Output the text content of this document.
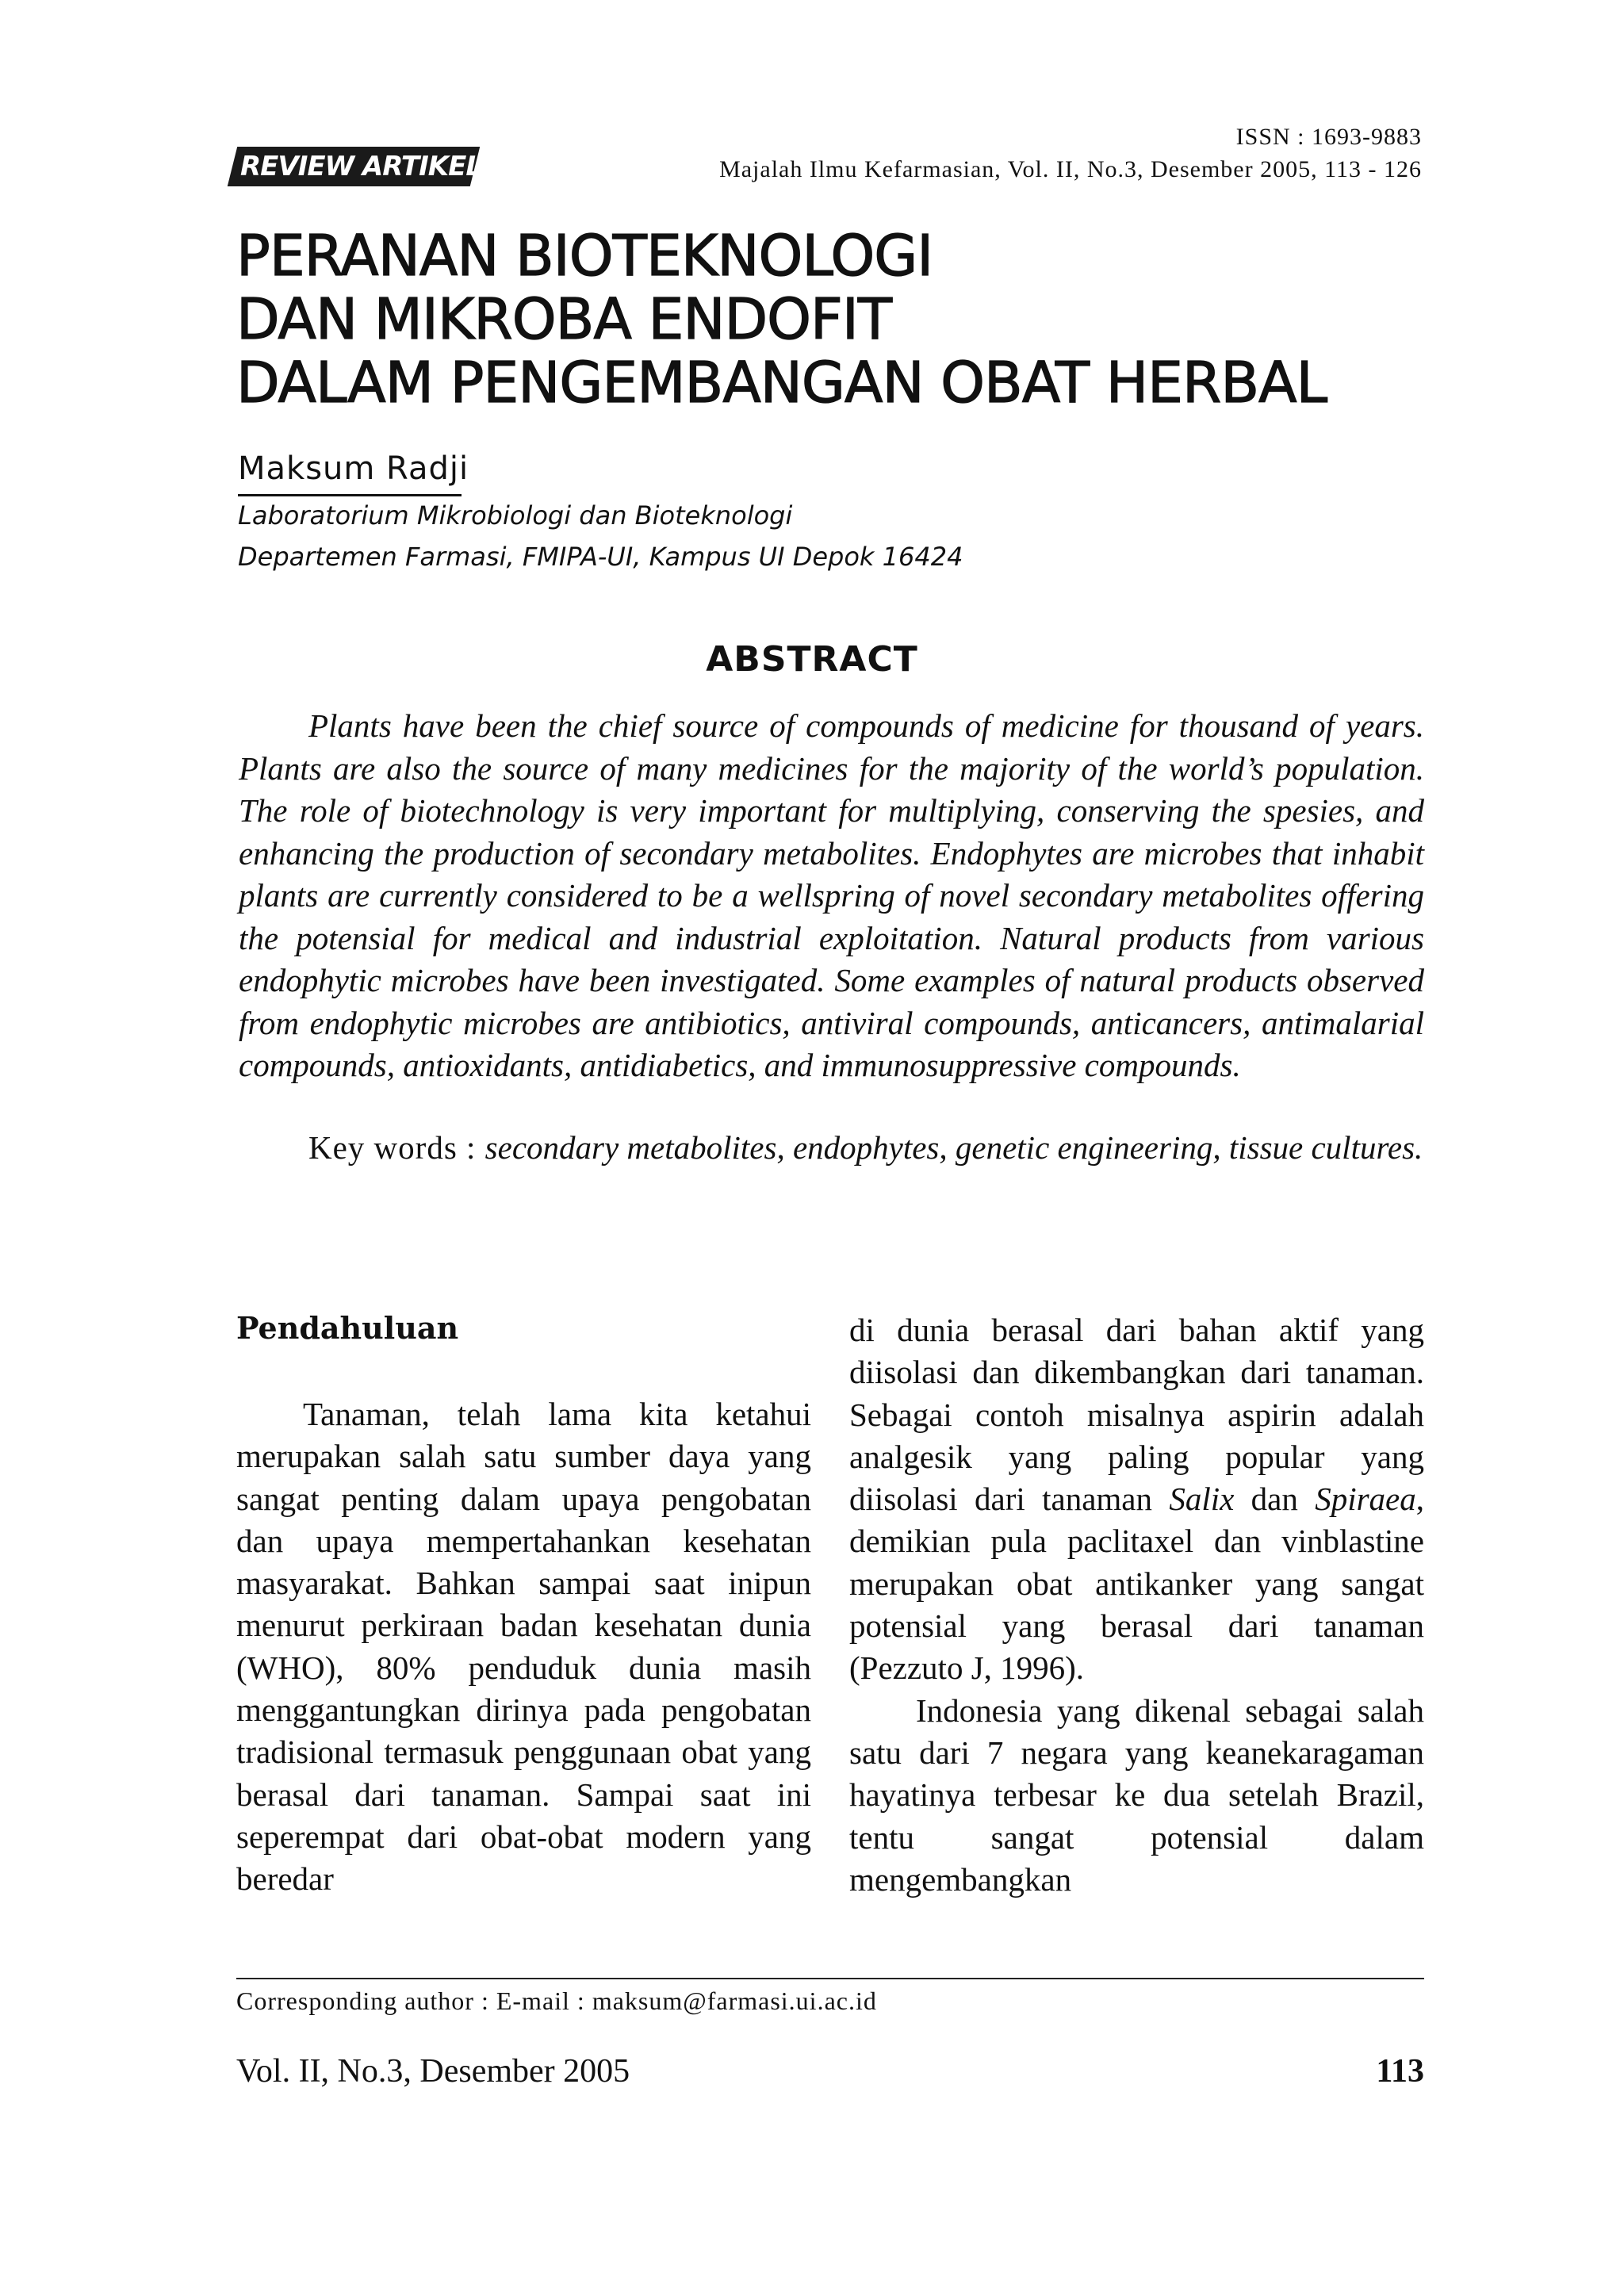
REVIEW ARTIKEL
ISSN : 1693-9883
Majalah Ilmu Kefarmasian, Vol. II, No.3, Desember 2005, 113 - 126
PERANAN BIOTEKNOLOGI
DAN MIKROBA ENDOFIT
DALAM PENGEMBANGAN OBAT HERBAL
Maksum Radji
Laboratorium Mikrobiologi dan Bioteknologi
Departemen Farmasi, FMIPA-UI, Kampus UI Depok 16424
ABSTRACT

Plants have been the chief source of compounds of medicine for thousand of years. Plants are also the source of many medicines for the majority of the world’s population. The role of biotechnology is very important for multiplying, conserving the spesies, and enhancing the production of secondary metabolites. Endophytes are microbes that inhabit plants are currently considered to be a wellspring of novel secondary metabolites offering the potensial for medical and industrial exploitation. Natural products from various endophytic microbes have been investigated. Some examples of natural products observed from endophytic microbes are antibiotics, antiviral compounds, anticancers, antimalarial compounds, antioxidants, antidiabetics, and immunosuppressive compounds.

Key words : secondary metabolites, endophytes, genetic engineering, tissue cultures.

Pendahuluan

Tanaman, telah lama kita ketahui merupakan salah satu sumber daya yang sangat penting dalam upaya pengobatan dan upaya mempertahankan kesehatan masyarakat. Bahkan sampai saat inipun menurut perkiraan badan kesehatan dunia (WHO), 80% penduduk dunia masih menggantungkan dirinya pada pengobatan tradisional termasuk penggunaan obat yang berasal dari tanaman. Sampai saat ini seperempat dari obat-obat modern yang beredar

di dunia berasal dari bahan aktif yang diisolasi dan dikembangkan dari tanaman. Sebagai contoh misalnya aspirin adalah analgesik yang paling popular yang diisolasi dari tanaman Salix dan Spiraea, demikian pula paclitaxel dan vinblastine merupakan obat antikanker yang sangat potensial yang berasal dari tanaman (Pezzuto J, 1996).

Indonesia yang dikenal sebagai salah satu dari 7 negara yang keanekaragaman hayatinya terbesar ke dua setelah Brazil, tentu sangat potensial dalam mengembangkan

Corresponding author : E-mail : maksum@farmasi.ui.ac.id
Vol. II, No.3, Desember 2005	113
